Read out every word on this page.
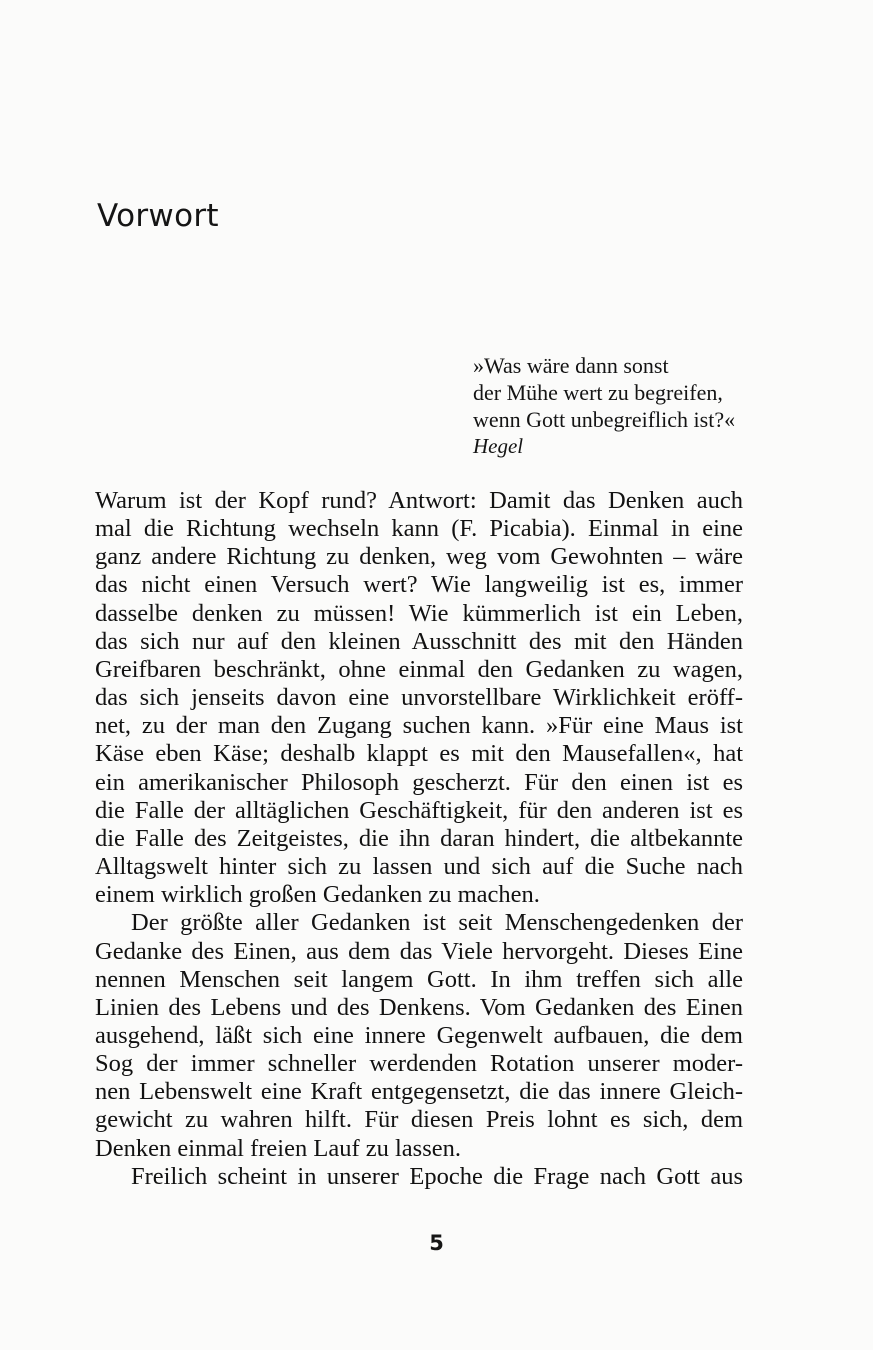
Vorwort
»Was wäre dann sonst
der Mühe wert zu begreifen,
wenn Gott unbegreiflich ist?«
Hegel

Warum ist der Kopf rund? Antwort: Damit das Denken auch
mal die Richtung wechseln kann (F. Picabia). Einmal in eine
ganz andere Richtung zu denken, weg vom Gewohnten – wäre
das nicht einen Versuch wert? Wie langweilig ist es, immer
dasselbe denken zu müssen! Wie kümmerlich ist ein Leben,
das sich nur auf den kleinen Ausschnitt des mit den Händen
Greifbaren beschränkt, ohne einmal den Gedanken zu wagen,
das sich jenseits davon eine unvorstellbare Wirklichkeit eröff-
net, zu der man den Zugang suchen kann. »Für eine Maus ist
Käse eben Käse; deshalb klappt es mit den Mausefallen«, hat
ein amerikanischer Philosoph gescherzt. Für den einen ist es
die Falle der alltäglichen Geschäftigkeit, für den anderen ist es
die Falle des Zeitgeistes, die ihn daran hindert, die altbekannte
Alltagswelt hinter sich zu lassen und sich auf die Suche nach
einem wirklich großen Gedanken zu machen.

Der größte aller Gedanken ist seit Menschengedenken der
Gedanke des Einen, aus dem das Viele hervorgeht. Dieses Eine
nennen Menschen seit langem Gott. In ihm treffen sich alle
Linien des Lebens und des Denkens. Vom Gedanken des Einen
ausgehend, läßt sich eine innere Gegenwelt aufbauen, die dem
Sog der immer schneller werdenden Rotation unserer moder-
nen Lebenswelt eine Kraft entgegensetzt, die das innere Gleich-
gewicht zu wahren hilft. Für diesen Preis lohnt es sich, dem
Denken einmal freien Lauf zu lassen.

Freilich scheint in unserer Epoche die Frage nach Gott aus

5
